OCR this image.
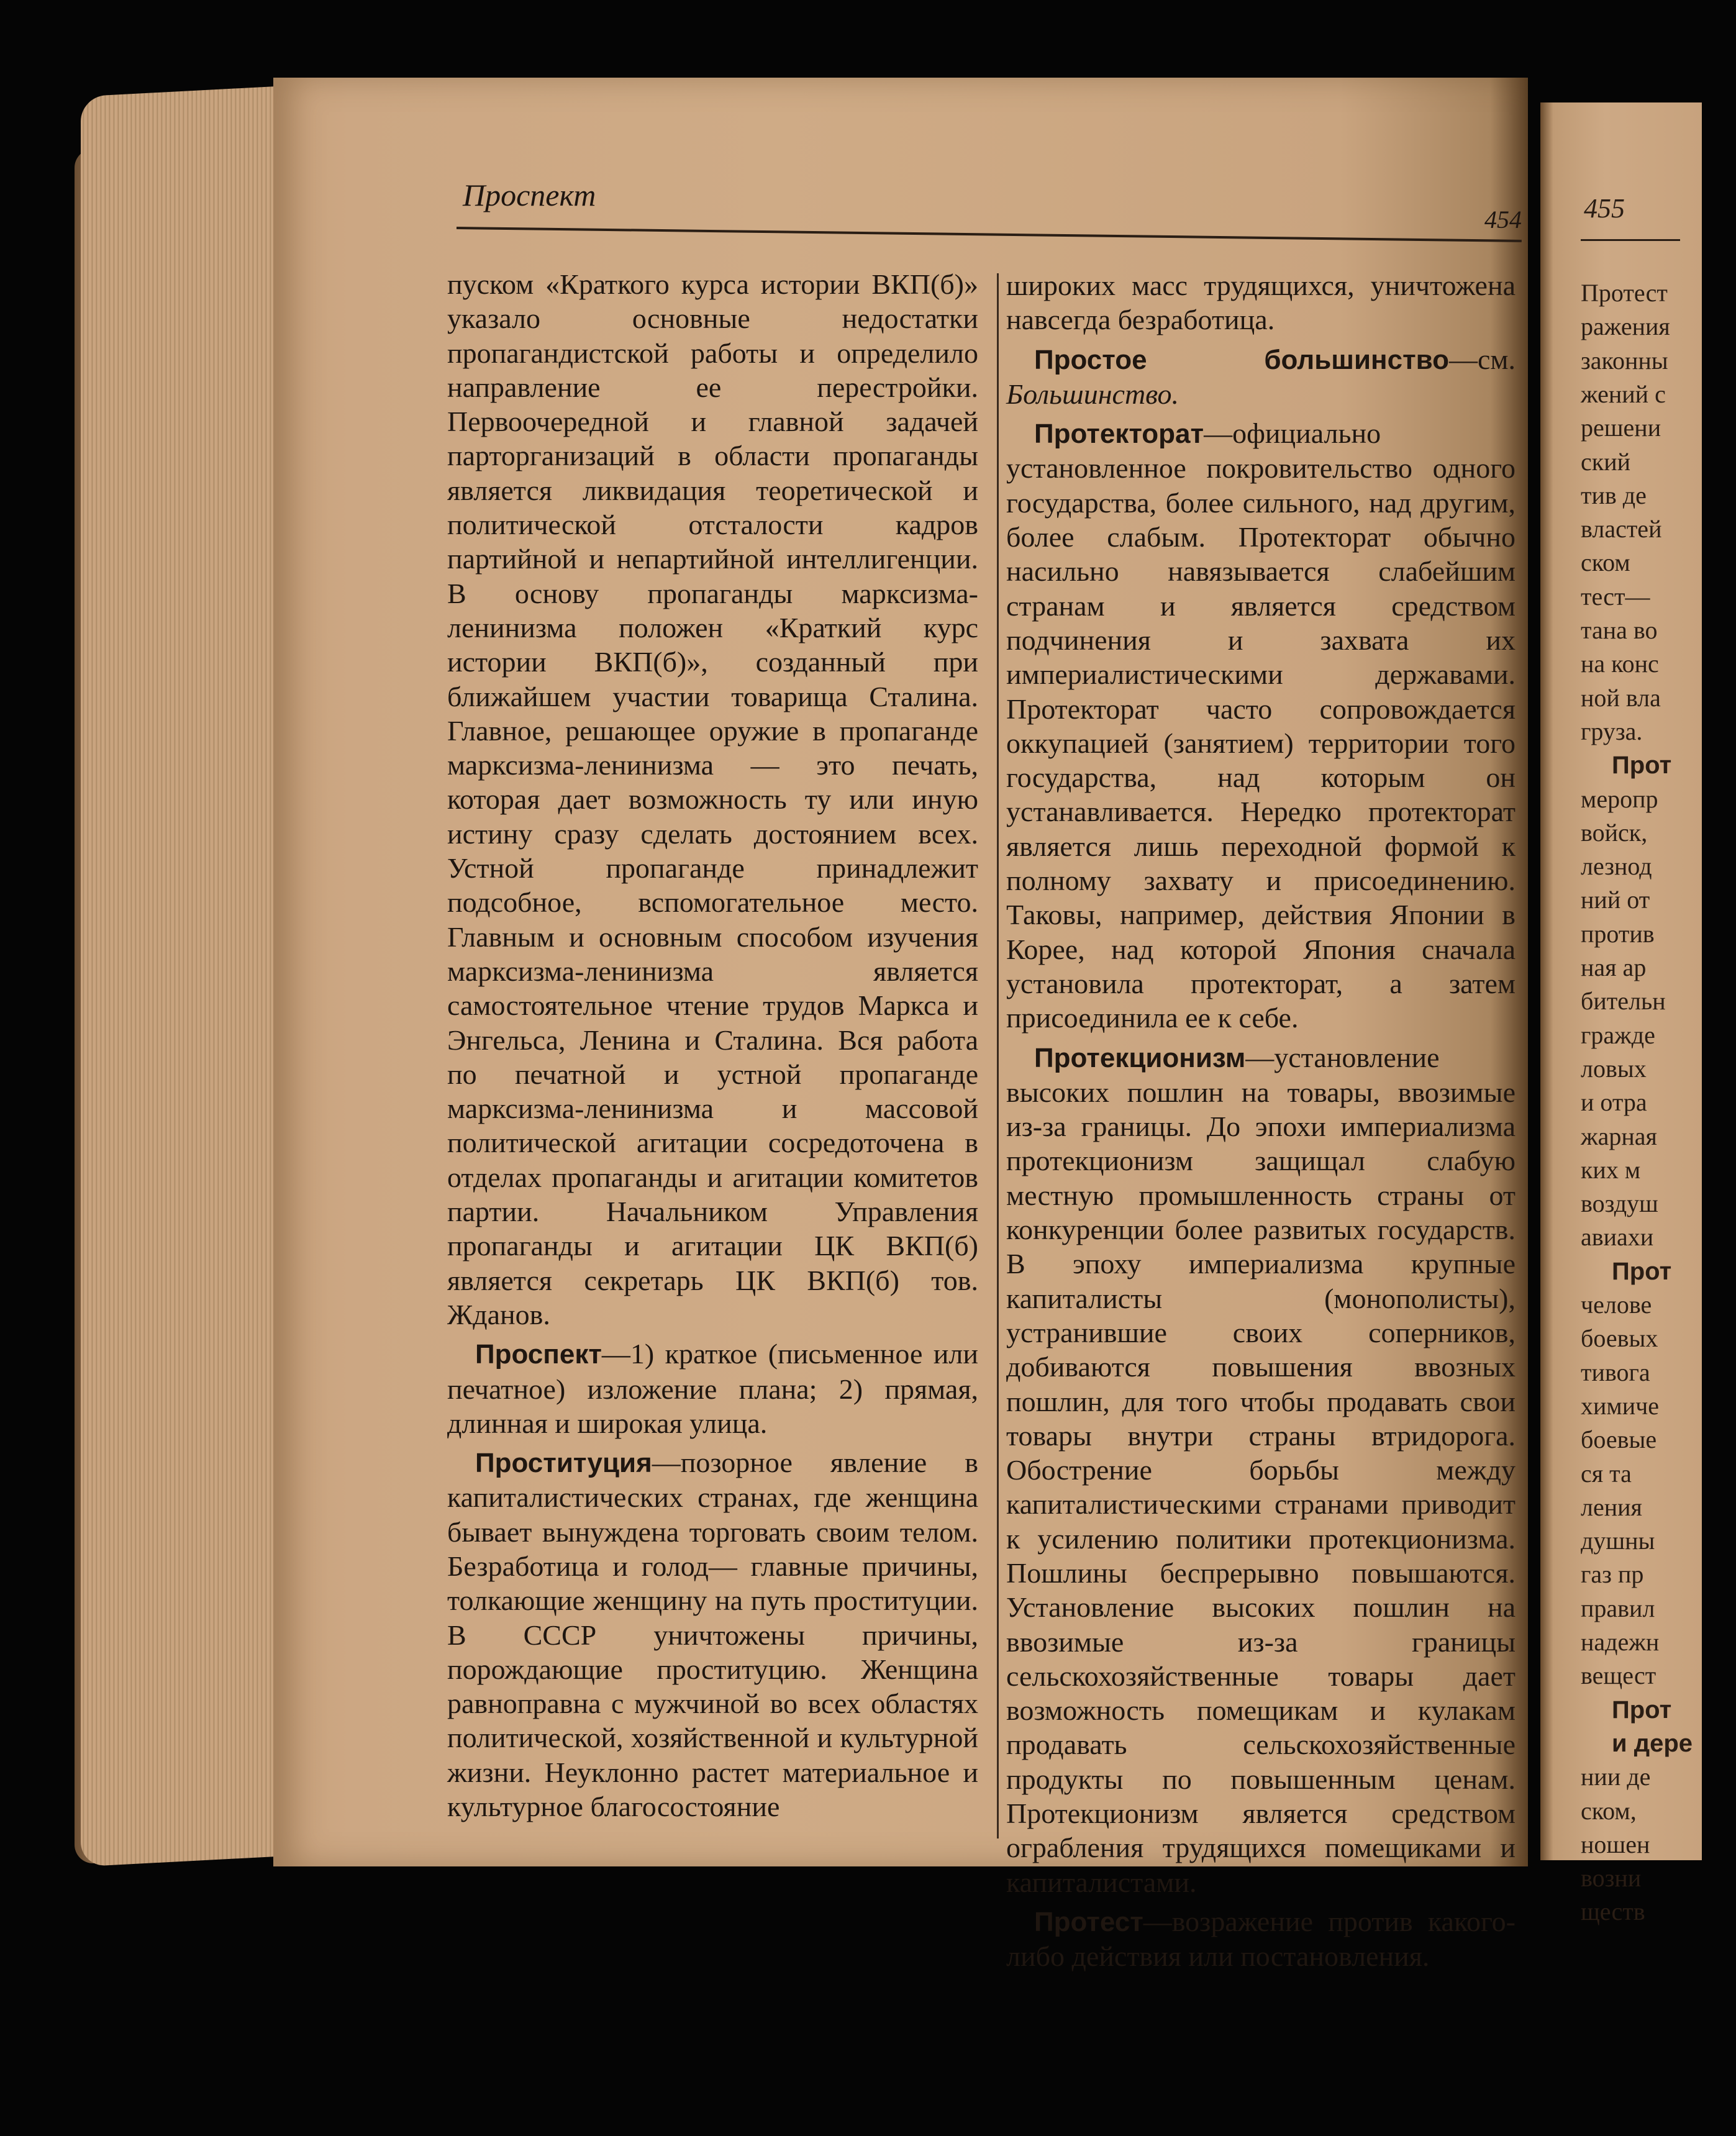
Проспект
454 455

пуском «Краткого курса истории ВКП(б)» указало основные недостатки пропагандистской работы и определило направление ее перестройки. Первоочередной и главной задачей парторганизаций в области пропаганды является ликвидация теоретической и политической отсталости кадров партийной и непартийной интеллигенции. В основу пропаганды марксизма-ленинизма положен «Краткий курс истории ВКП(б)», созданный при ближайшем участии товарища Сталина. Главное, решающее оружие в пропаганде марксизма-ленинизма — это печать, которая дает возможность ту или иную истину сразу сделать достоянием всех. Устной пропаганде принадлежит подсобное, вспомогательное место. Главным и основным способом изучения марксизма-ленинизма является самостоятельное чтение трудов Маркса и Энгельса, Ленина и Сталина. Вся работа по печатной и устной пропаганде марксизма-ленинизма и массовой политической агитации сосредоточена в отделах пропаганды и агитации комитетов партии. Начальником Управления пропаганды и агитации ЦК ВКП(б) является секретарь ЦК ВКП(б) тов. Жданов.

Проспект—1) краткое (письменное или печатное) изложение плана; 2) прямая, длинная и широкая улица.

Проституция—позорное явление в капиталистических странах, где женщина бывает вынуждена торговать своим телом. Безработица и голод— главные причины, толкающие женщину на путь проституции. В СССР уничтожены причины, порождающие проституцию. Женщина равноправна с мужчиной во всех областях политической, хозяйственной и культурной жизни. Неуклонно растет материальное и культурное благосостояние

широких масс трудящихся, уничтожена навсегда безработица.

Простое большинство—см. Большинство.

Протекторат—официально установленное покровительство одного государства, более сильного, над другим, более слабым. Протекторат обычно насильно навязывается слабейшим странам и является средством подчинения и захвата их империалистическими державами. Протекторат часто сопровождается оккупацией (занятием) территории того государства, над которым он устанавливается. Нередко протекторат является лишь переходной формой к полному захвату и присоединению. Таковы, например, действия Японии в Корее, над которой Япония сначала установила протекторат, а затем присоединила ее к себе.

Протекционизм—установление высоких пошлин на товары, ввозимые из-за границы. До эпохи империализма протекционизм защищал слабую местную промышленность страны от конкуренции более развитых государств. В эпоху империализма крупные капиталисты (монополисты), устранившие своих соперников, добиваются повышения ввозных пошлин, для того чтобы продавать свои товары внутри страны втридорога. Обострение борьбы между капиталистическими странами приводит к усилению политики протекционизма. Пошлины беспрерывно повышаются. Установление высоких пошлин на ввозимые из-за границы сельскохозяйственные товары дает возможность помещикам и кулакам продавать сельскохозяйственные продукты по повышенным ценам. Протекционизм является средством ограбления трудящихся помещиками и капиталистами.

Протест—возражение против какого-либо действия или постановления.

Протест
ражения
законны
жений с
решени
ский
тив де
властей
ском
тест—
тана во
на конс
ной вла
груза.
Прот
меропр
войск,
лезнод
ний от
против
ная ар
бительн
гражде
ловых
и отра
жарная
ких м
воздуш
авиахи
Прот
челове
боевых
тивога
химиче
боевые
ся та
ления
душны
газ пр
правил
надежн
вещест
Прот
и дере
нии де
ском,
ношен
возни
ществ
